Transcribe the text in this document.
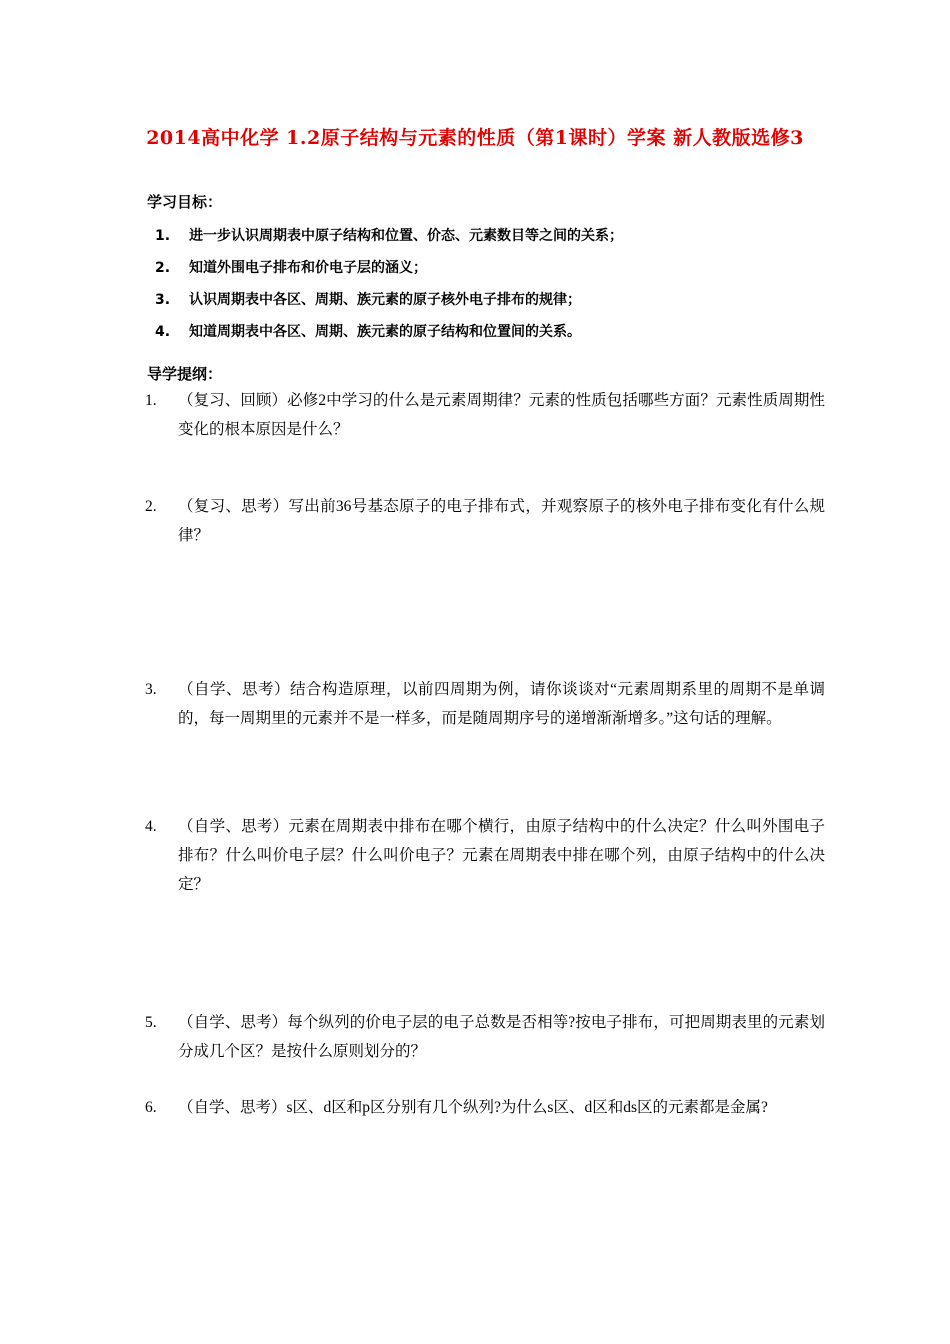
2014高中化学 1.2原子结构与元素的性质（第1课时）学案 新人教版选修3
学习目标：
1. 进一步认识周期表中原子结构和位置、价态、元素数目等之间的关系；
2. 知道外围电子排布和价电子层的涵义；
3. 认识周期表中各区、周期、族元素的原子核外电子排布的规律；
4. 知道周期表中各区、周期、族元素的原子结构和位置间的关系。
导学提纲：
1.	（复习、回顾）必修2中学习的什么是元素周期律？元素的性质包括哪些方面？元素性质周期性变化的根本原因是什么？
2.	（复习、思考）写出前36号基态原子的电子排布式，并观察原子的核外电子排布变化有什么规律？
3.	（自学、思考）结合构造原理，以前四周期为例，请你谈谈对“元素周期系里的周期不是单调的，每一周期里的元素并不是一样多，而是随周期序号的递增渐渐增多。”这句话的理解。
4.	（自学、思考）元素在周期表中排布在哪个横行，由原子结构中的什么决定？什么叫外围电子排布？什么叫价电子层？什么叫价电子？元素在周期表中排在哪个列，由原子结构中的什么决定？
5.	（自学、思考）每个纵列的价电子层的电子总数是否相等?按电子排布，可把周期表里的元素划分成几个区？是按什么原则划分的？
6.	（自学、思考）s区、d区和p区分别有几个纵列?为什么s区、d区和ds区的元素都是金属?
